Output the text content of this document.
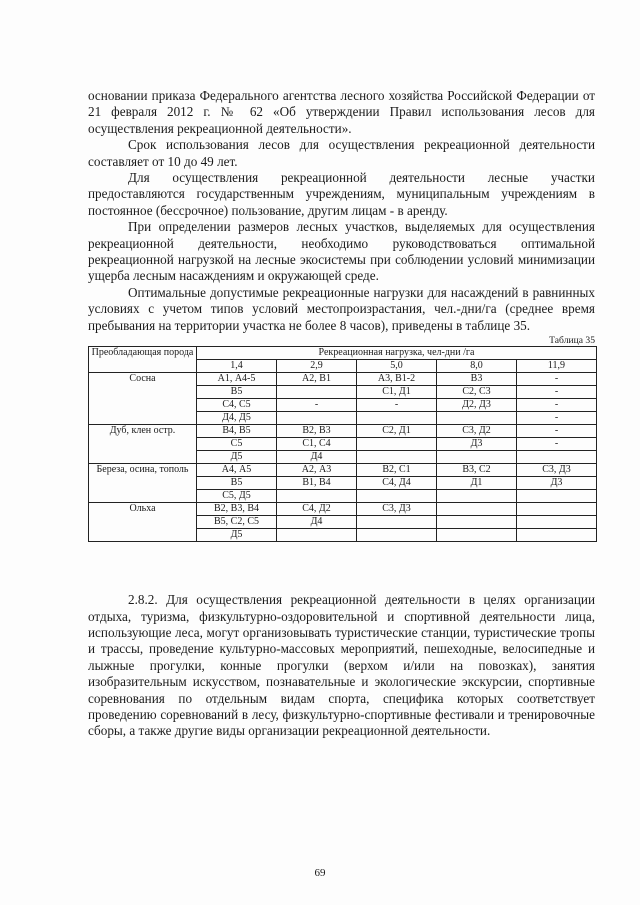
основании приказа Федерального агентства лесного хозяйства Российской Федерации от 21 февраля 2012 г. № 62 «Об утверждении Правил использования лесов для осуществления рекреационной деятельности».

Срок использования лесов для осуществления рекреационной деятельности составляет от 10 до 49 лет.

Для осуществления рекреационной деятельности лесные участки предоставляются государственным учреждениям, муниципальным учреждениям в постоянное (бессрочное) пользование, другим лицам - в аренду.

При определении размеров лесных участков, выделяемых для осуществления рекреационной деятельности, необходимо руководствоваться оптимальной рекреационной нагрузкой на лесные экосистемы при соблюдении условий минимизации ущерба лесным насаждениям и окружающей среде.

Оптимальные допустимые рекреационные нагрузки для насаждений в равнинных условиях с учетом типов условий местопроизрастания, чел.-дни/га (среднее время пребывания на территории участка не более 8 часов), приведены в таблице 35.

Таблица 35
Преобладающая порода	Рекреационная нагрузка, чел-дни /га				
	1,4	2,9	5,0	8,0	11,9
Сосна	А1, А4-5	А2, В1	А3, В1-2	В3	-
	В5		С1, Д1	С2, С3	-
	С4, С5	-	-	Д2, Д3	-
	Д4, Д5				-
Дуб, клен остр.	В4, В5	В2, В3	С2, Д1	С3, Д2	-
	С5	С1, С4		Д3	-
	Д5	Д4			
Береза, осина, тополь	А4, А5	А2, А3	В2, С1	В3, С2	С3, Д3
	В5	В1, В4	С4, Д4	Д1	Д3
	С5, Д5				
Ольха	В2, В3, В4	С4, Д2	С3, Д3		
	В5, С2, С5	Д4			
	Д5				

2.8.2. Для осуществления рекреационной деятельности в целях организации отдыха, туризма, физкультурно-оздоровительной и спортивной деятельности лица, использующие леса, могут организовывать туристические станции, туристические тропы и трассы, проведение культурно-массовых мероприятий, пешеходные, велосипедные и лыжные прогулки, конные прогулки (верхом и/или на повозках), занятия изобразительным искусством, познавательные и экологические экскурсии, спортивные соревнования по отдельным видам спорта, специфика которых соответствует проведению соревнований в лесу, физкультурно-спортивные фестивали и тренировочные сборы, а также другие виды организации рекреационной деятельности.

69
